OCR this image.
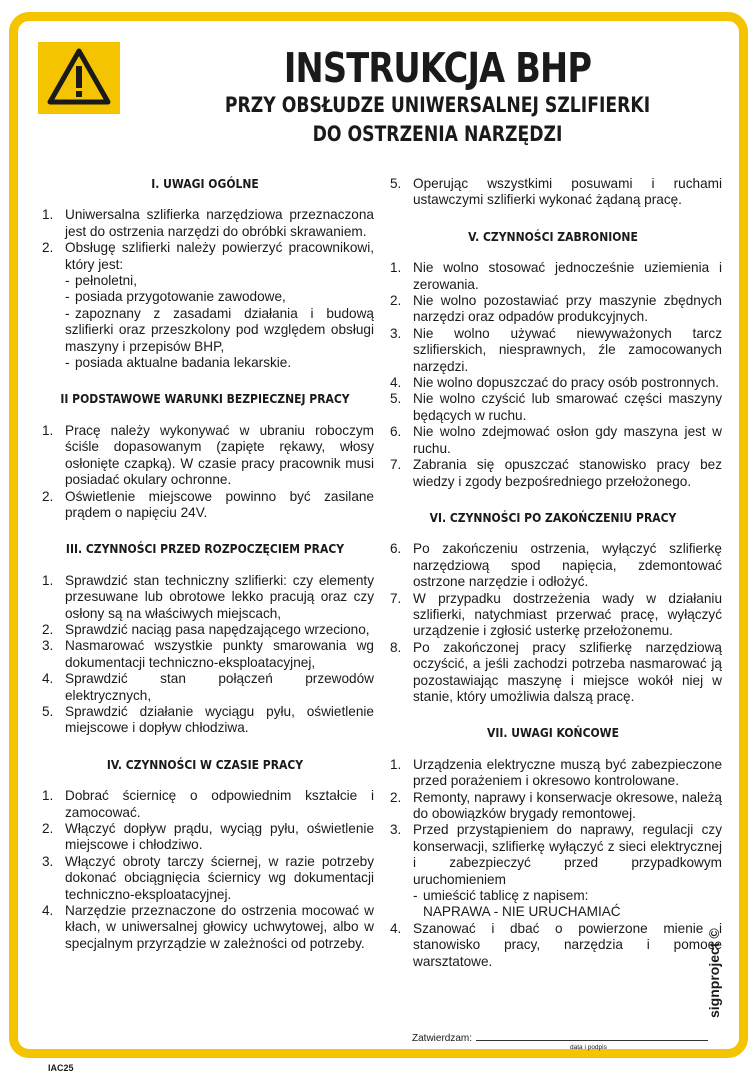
INSTRUKCJA BHP
PRZY OBSŁUDZE UNIWERSALNEJ SZLIFIERKI
DO OSTRZENIA NARZĘDZI
I. UWAGI OGÓLNE
1. Uniwersalna szlifierka narzędziowa przeznaczona jest do ostrzenia narzędzi do obróbki skrawaniem.
2. Obsługę szlifierki należy powierzyć pracownikowi, który jest:
- pełnoletni,
- posiada przygotowanie zawodowe,
- zapoznany z zasadami działania i budową szlifierki oraz przeszkolony pod względem obsługi maszyny i przepisów BHP,
- posiada aktualne badania lekarskie.
II PODSTAWOWE WARUNKI BEZPIECZNEJ PRACY
1. Pracę należy wykonywać w ubraniu roboczym ściśle dopasowanym (zapięte rękawy, włosy osłonięte czapką). W czasie pracy pracownik musi posiadać okulary ochronne.
2. Oświetlenie miejscowe powinno być zasilane prądem o napięciu 24V.
III. CZYNNOŚCI PRZED ROZPOCZĘCIEM PRACY
1. Sprawdzić stan techniczny szlifierki: czy elementy przesuwane lub obrotowe lekko pracują oraz czy osłony są na właściwych miejscach,
2. Sprawdzić naciąg pasa napędzającego wrzeciono,
3. Nasmarować wszystkie punkty smarowania wg dokumentacji techniczno-eksploatacyjnej,
4. Sprawdzić stan połączeń przewodów elektrycznych,
5. Sprawdzić działanie wyciągu pyłu, oświetlenie miejscowe i dopływ chłodziwa.
IV. CZYNNOŚCI W CZASIE PRACY
1. Dobrać ściernicę o odpowiednim kształcie i zamocować.
2. Włączyć dopływ prądu, wyciąg pyłu, oświetlenie miejscowe i chłodziwo.
3. Włączyć obroty tarczy ściernej, w razie potrzeby dokonać obciągnięcia ściernicy wg dokumentacji techniczno-eksploatacyjnej.
4. Narzędzie przeznaczone do ostrzenia mocować w kłach, w uniwersalnej głowicy uchwytowej, albo w specjalnym przyrządzie w zależności od potrzeby.
5. Operując wszystkimi posuwami i ruchami ustawczymi szlifierki wykonać żądaną pracę.
V. CZYNNOŚCI ZABRONIONE
1. Nie wolno stosować jednocześnie uziemienia i zerowania.
2. Nie wolno pozostawiać przy maszynie zbędnych narzędzi oraz odpadów produkcyjnych.
3. Nie wolno używać niewyważonych tarcz szlifierskich, niesprawnych, źle zamocowanych narzędzi.
4. Nie wolno dopuszczać do pracy osób postronnych.
5. Nie wolno czyścić lub smarować części maszyny będących w ruchu.
6. Nie wolno zdejmować osłon gdy maszyna jest w ruchu.
7. Zabrania się opuszczać stanowisko pracy bez wiedzy i zgody bezpośredniego przełożonego.
VI. CZYNNOŚCI PO ZAKOŃCZENIU PRACY
6. Po zakończeniu ostrzenia, wyłączyć szlifierkę narzędziową spod napięcia, zdemontować ostrzone narzędzie i odłożyć.
7. W przypadku dostrzeżenia wady w działaniu szlifierki, natychmiast przerwać pracę, wyłączyć urządzenie i zgłosić usterkę przełożonemu.
8. Po zakończonej pracy szlifierkę narzędziową oczyścić, a jeśli zachodzi potrzeba nasmarować ją pozostawiając maszynę i miejsce wokół niej w stanie, który umożliwia dalszą pracę.
VII. UWAGI KOŃCOWE
1. Urządzenia elektryczne muszą być zabezpieczone przed porażeniem i okresowo kontrolowane.
2. Remonty, naprawy i konserwacje okresowe, należą do obowiązków brygady remontowej.
3. Przed przystąpieniem do naprawy, regulacji czy konserwacji, szlifierkę wyłączyć z sieci elektrycznej i zabezpieczyć przed przypadkowym uruchomieniem
- umieścić tablicę z napisem:
NAPRAWA - NIE URUCHAMIAĆ
4. Szanować i dbać o powierzone mienie i stanowisko pracy, narzędzia i pomoce warsztatowe.
Zatwierdzam:
data i podpis
IAC25
signproject ©
